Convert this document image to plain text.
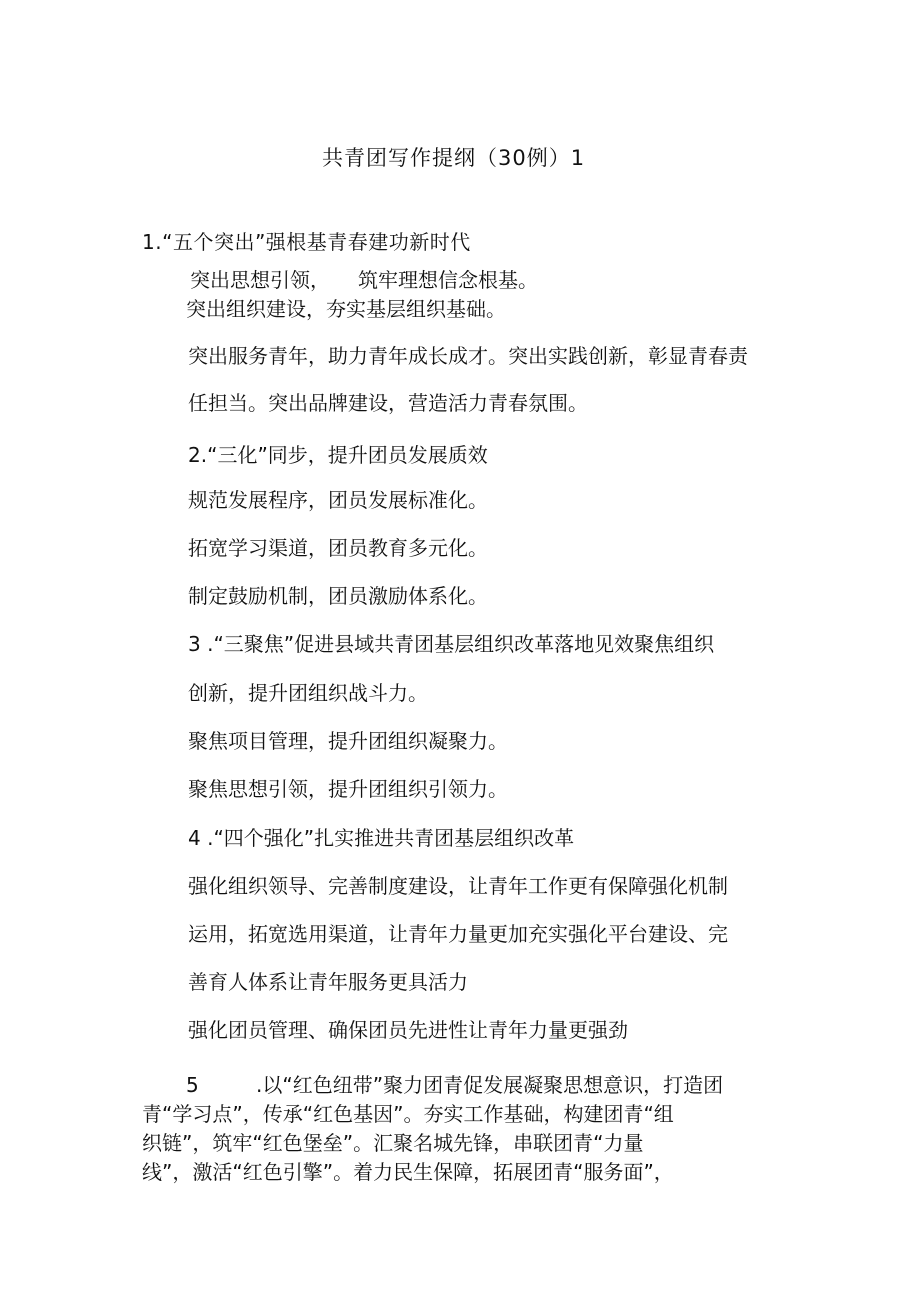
共青团写作提纲（30例）1
1.“五个突出”强根基青春建功新时代
突出思想引领， 筑牢理想信念根基。
突出组织建设，夯实基层组织基础。
突出服务青年，助力青年成长成才。突出实践创新，彰显青春责
任担当。突出品牌建设，营造活力青春氛围。
2.“三化”同步，提升团员发展质效
规范发展程序，团员发展标准化。
拓宽学习渠道，团员教育多元化。
制定鼓励机制，团员激励体系化。
3 .“三聚焦”促进县域共青团基层组织改革落地见效聚焦组织
创新，提升团组织战斗力。
聚焦项目管理，提升团组织凝聚力。
聚焦思想引领，提升团组织引领力。
4 .“四个强化”扎实推进共青团基层组织改革
强化组织领导、完善制度建设，让青年工作更有保障强化机制
运用，拓宽选用渠道，让青年力量更加充实强化平台建设、完
善育人体系让青年服务更具活力
强化团员管理、确保团员先进性让青年力量更强劲
5	.以“红色纽带”聚力团青促发展凝聚思想意识，打造团
青“学习点”，传承“红色基因”。夯实工作基础，构建团青“组
织链”，筑牢“红色堡垒”。汇聚名城先锋，串联团青“力量
线”，激活“红色引擎”。着力民生保障，拓展团青“服务面”，
